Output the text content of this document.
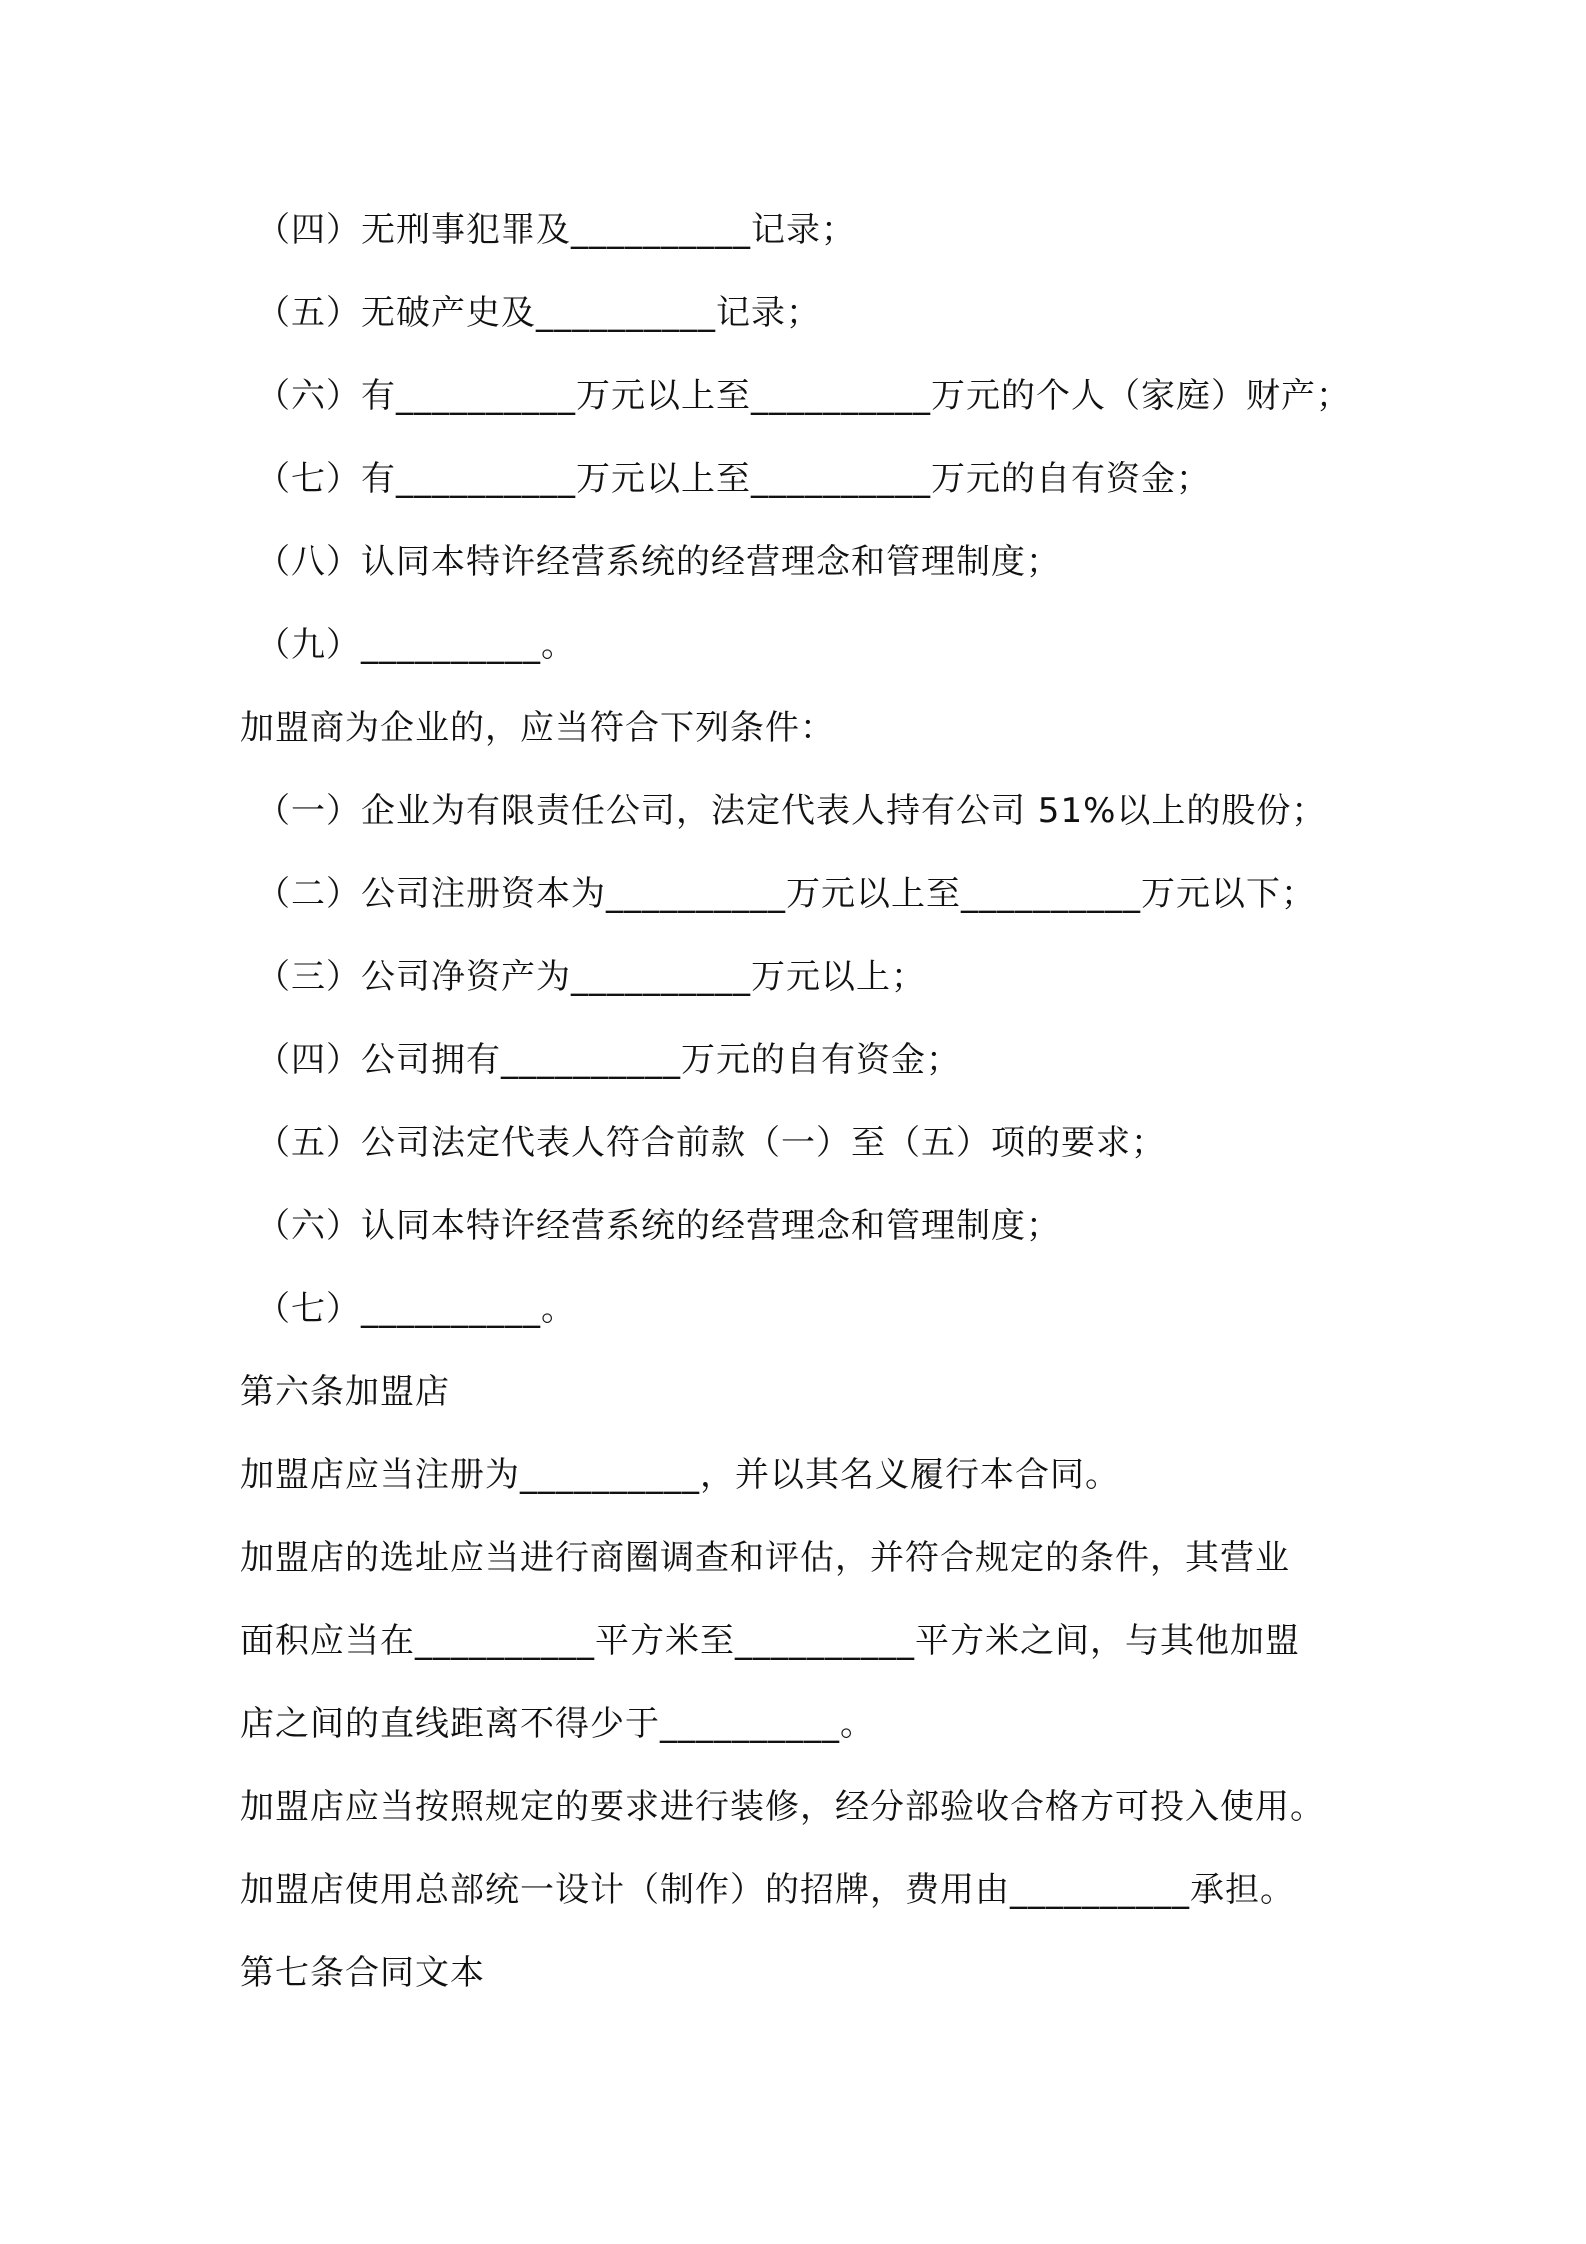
（四）无刑事犯罪及__________记录；
（五）无破产史及__________记录；
（六）有__________万元以上至__________万元的个人（家庭）财产；
（七）有__________万元以上至__________万元的自有资金；
（八）认同本特许经营系统的经营理念和管理制度；
（九）__________。
加盟商为企业的，应当符合下列条件：
（一）企业为有限责任公司，法定代表人持有公司 51%以上的股份；
（二）公司注册资本为__________万元以上至__________万元以下；
（三）公司净资产为__________万元以上；
（四）公司拥有__________万元的自有资金；
（五）公司法定代表人符合前款（一）至（五）项的要求；
（六）认同本特许经营系统的经营理念和管理制度；
（七）__________。
第六条加盟店
加盟店应当注册为__________，并以其名义履行本合同。
加盟店的选址应当进行商圈调查和评估，并符合规定的条件，其营业
面积应当在__________平方米至__________平方米之间，与其他加盟
店之间的直线距离不得少于__________。
加盟店应当按照规定的要求进行装修，经分部验收合格方可投入使用。
加盟店使用总部统一设计（制作）的招牌，费用由__________承担。
第七条合同文本
